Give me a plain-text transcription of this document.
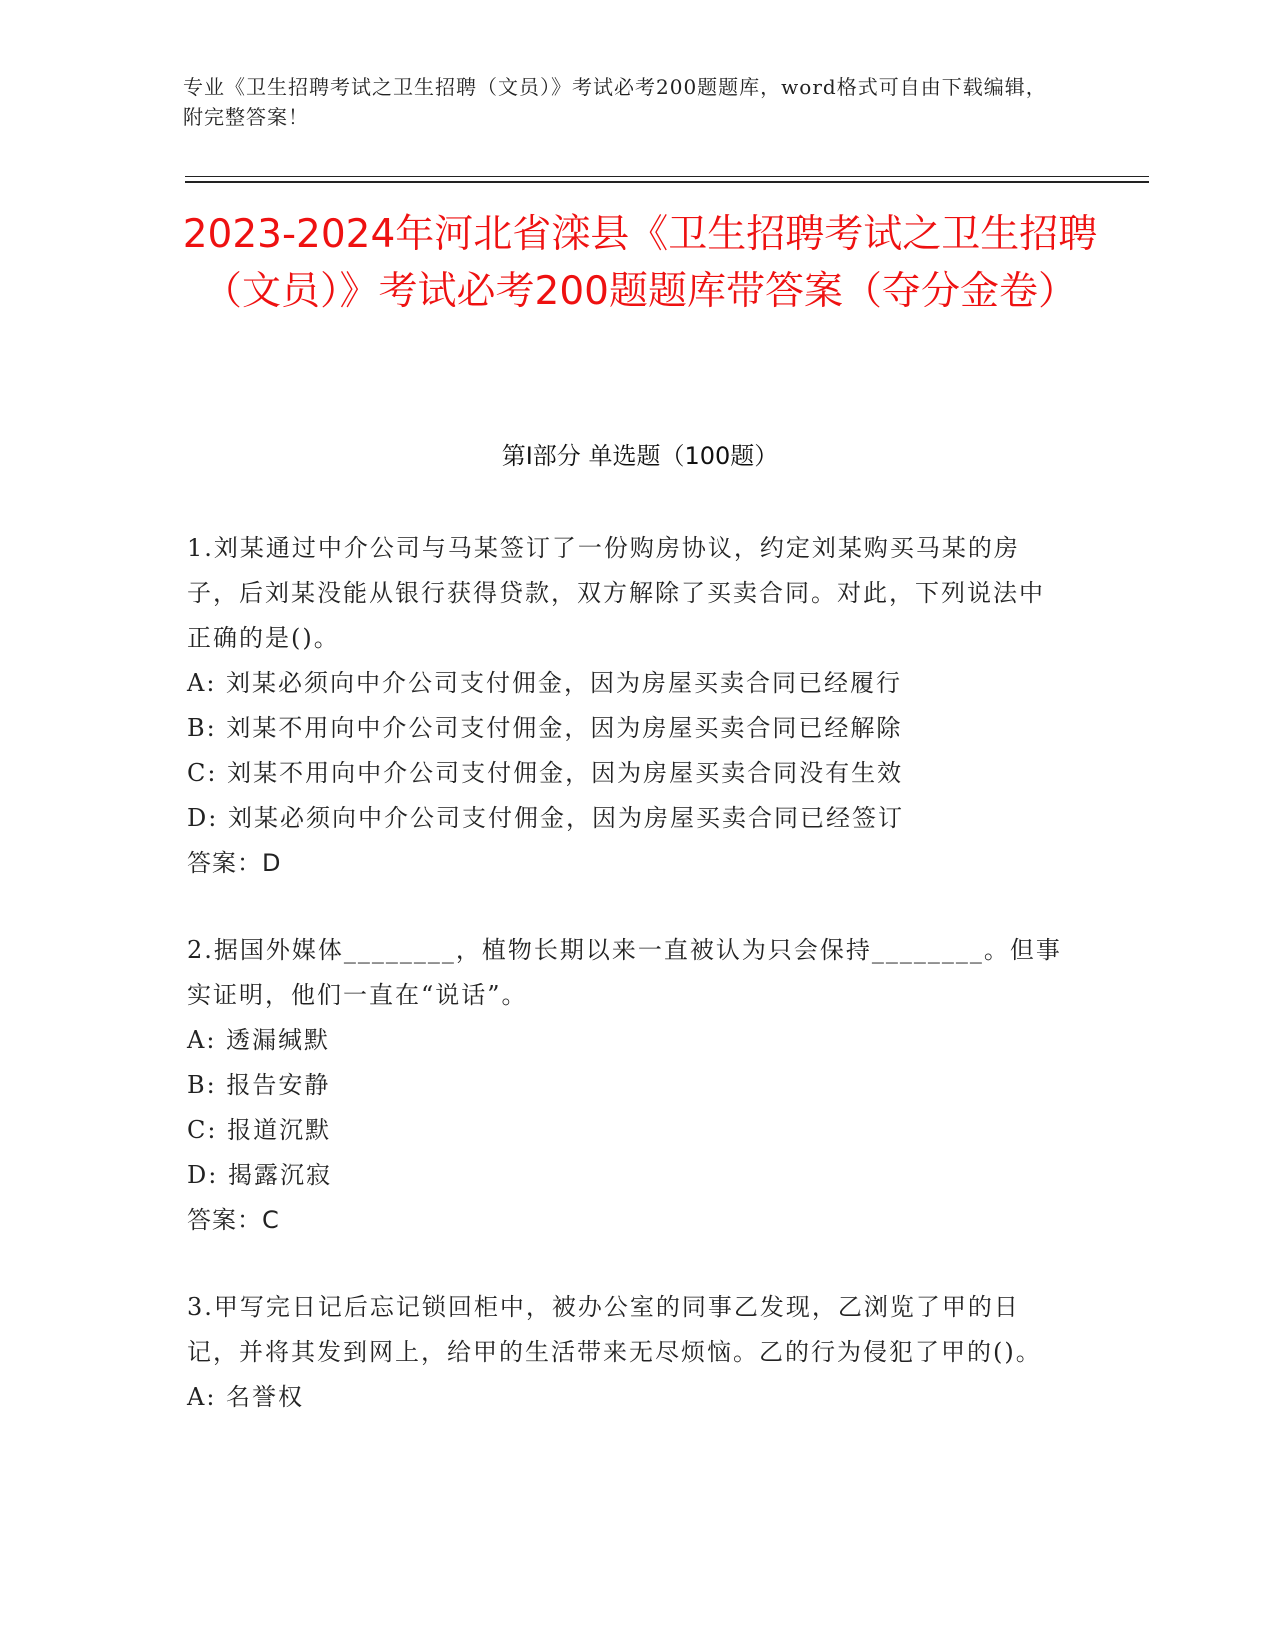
专业《卫生招聘考试之卫生招聘（文员）》考试必考200题题库，word格式可自由下载编辑，附完整答案！
2023-2024年河北省滦县《卫生招聘考试之卫生招聘（文员）》考试必考200题题库带答案（夺分金卷）
第Ⅰ部分 单选题（100题）

1.刘某通过中介公司与马某签订了一份购房协议，约定刘某购买马某的房子，后刘某没能从银行获得贷款，双方解除了买卖合同。对此，下列说法中正确的是()。

A: 刘某必须向中介公司支付佣金，因为房屋买卖合同已经履行

B: 刘某不用向中介公司支付佣金，因为房屋买卖合同已经解除

C: 刘某不用向中介公司支付佣金，因为房屋买卖合同没有生效

D: 刘某必须向中介公司支付佣金，因为房屋买卖合同已经签订

答案：D

2.据国外媒体________，植物长期以来一直被认为只会保持________。但事实证明，他们一直在“说话”。

A: 透漏缄默

B: 报告安静

C: 报道沉默

D: 揭露沉寂

答案：C

3.甲写完日记后忘记锁回柜中，被办公室的同事乙发现，乙浏览了甲的日记，并将其发到网上，给甲的生活带来无尽烦恼。乙的行为侵犯了甲的()。

A: 名誉权
